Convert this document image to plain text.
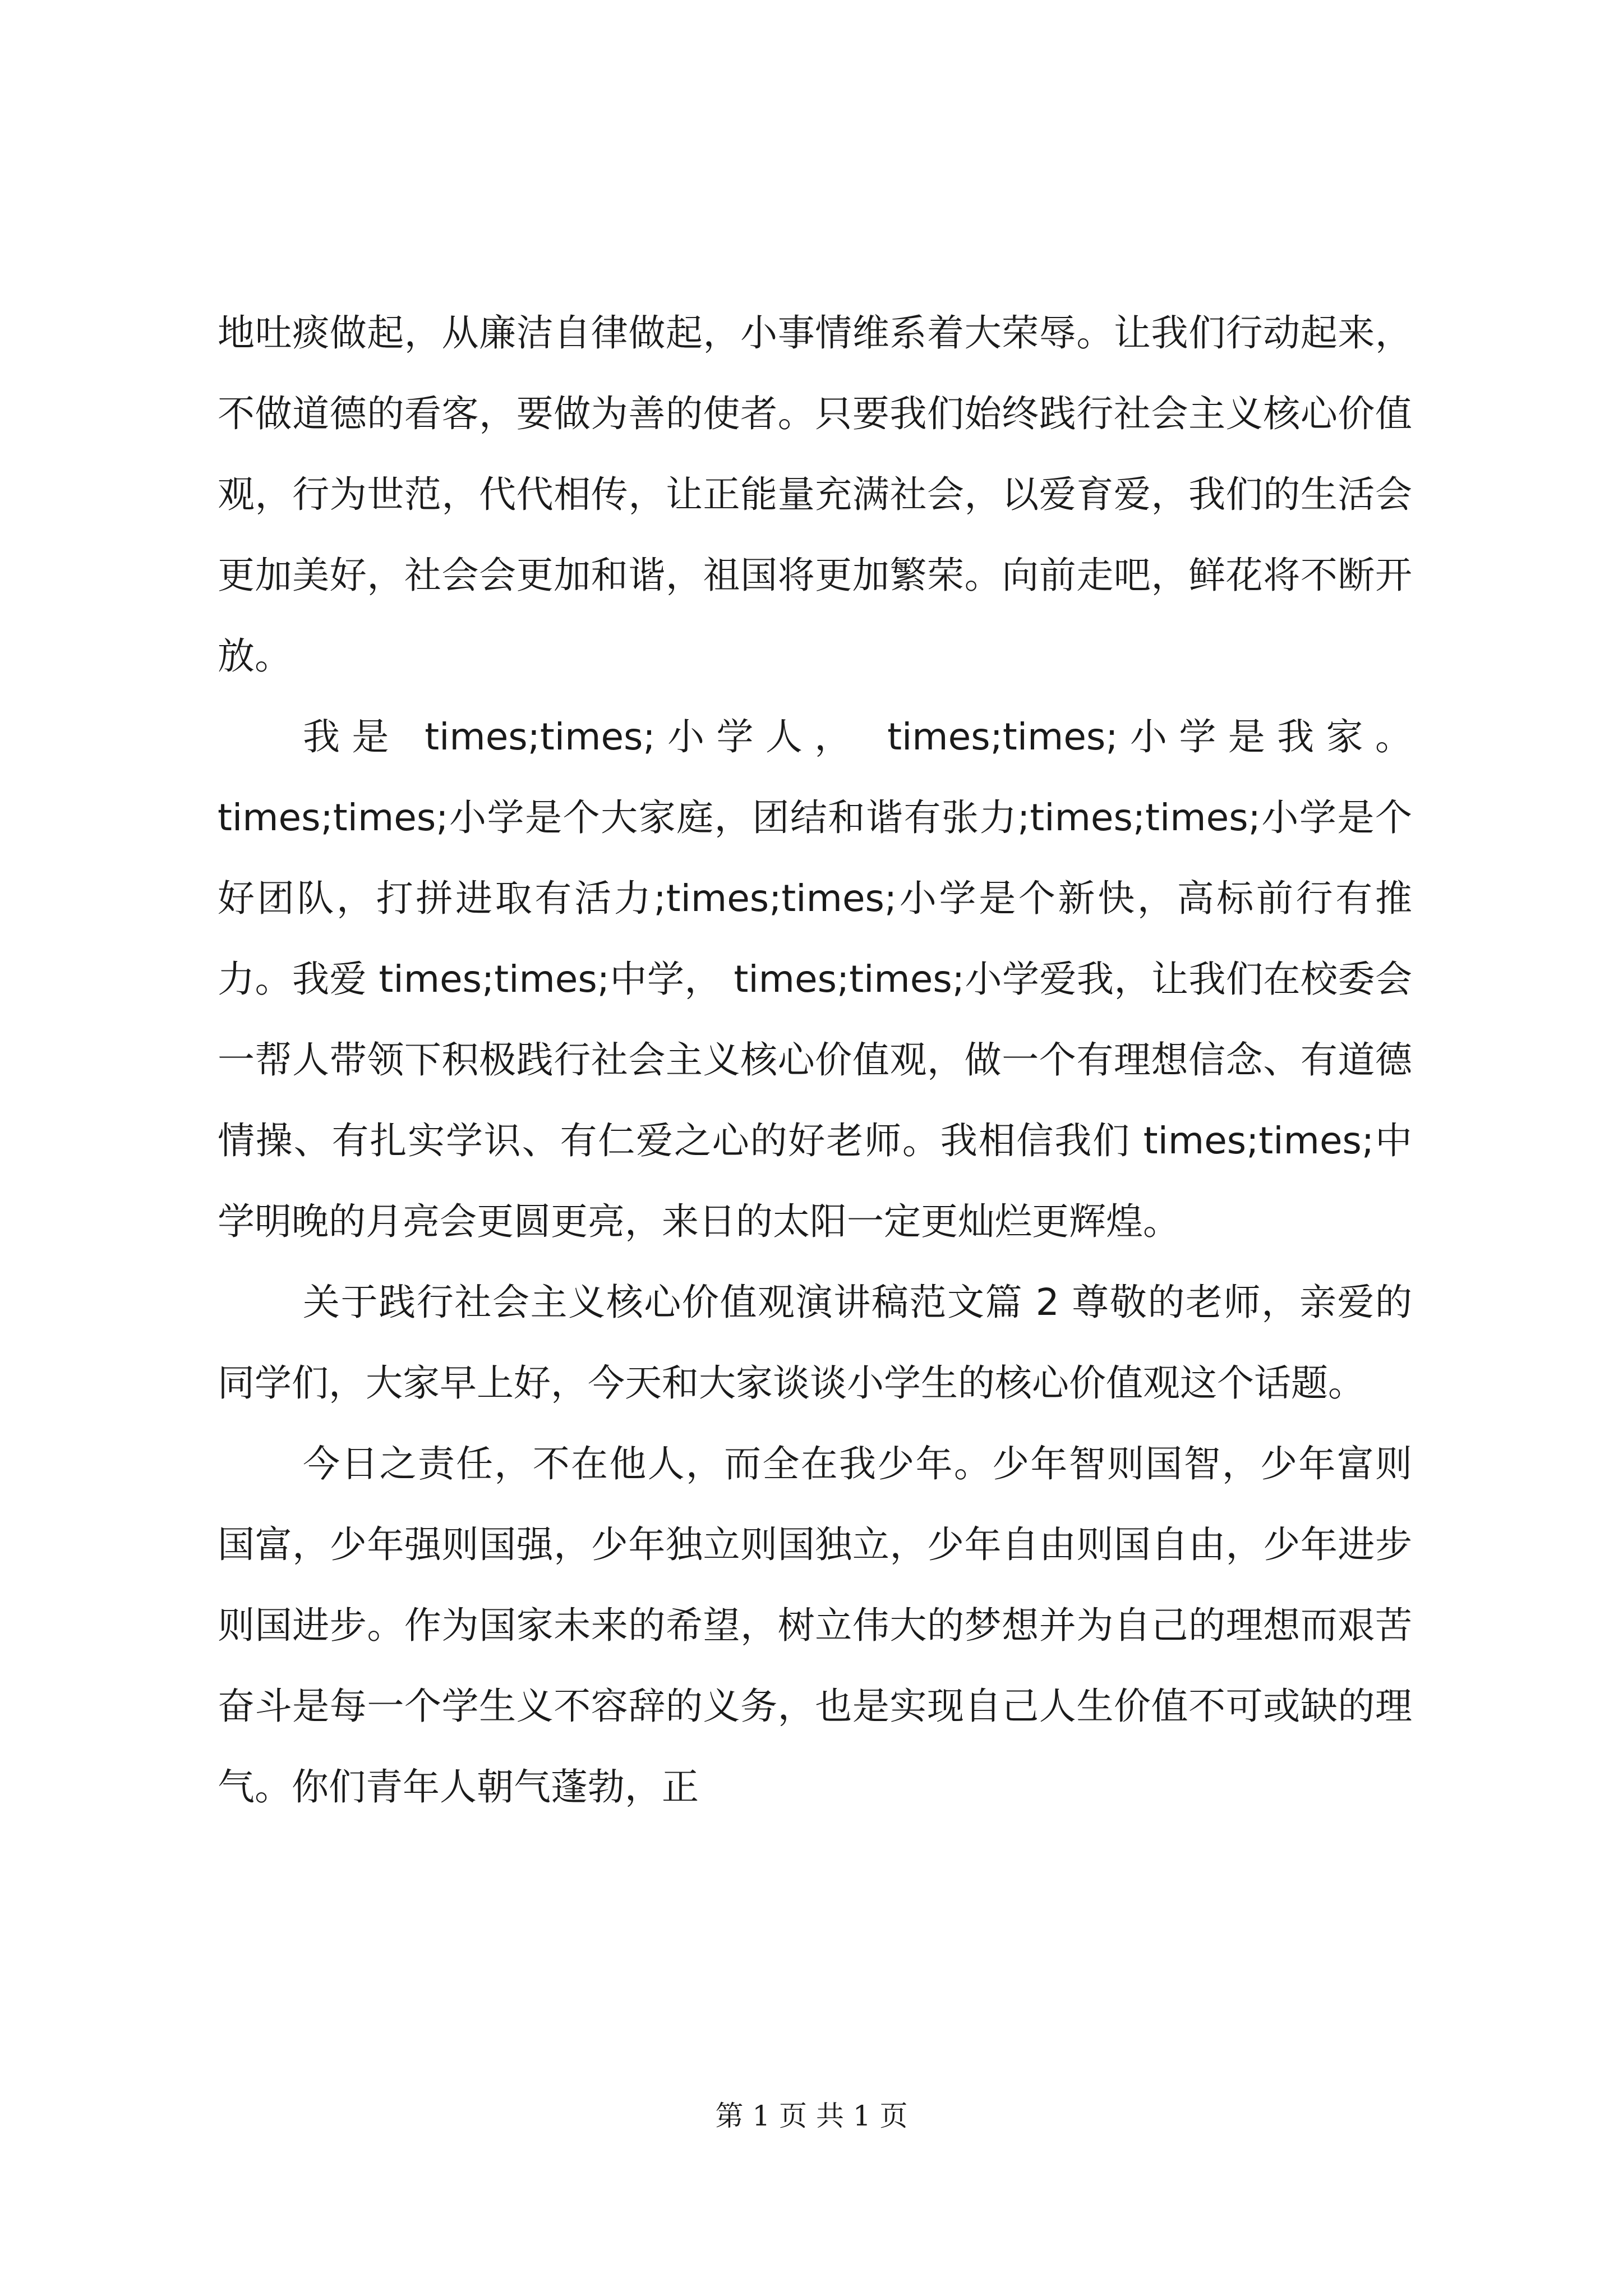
地吐痰做起，从廉洁自律做起，小事情维系着大荣辱。让我们行动起来，不做道德的看客，要做为善的使者。只要我们始终践行社会主义核心价值观，行为世范，代代相传，让正能量充满社会，以爱育爱，我们的生活会更加美好，社会会更加和谐，祖国将更加繁荣。向前走吧，鲜花将不断开放。

我是 times;times;小学人， times;times;小学是我家。times;times;小学是个大家庭，团结和谐有张力;times;times;小学是个好团队，打拼进取有活力;times;times;小学是个新快，高标前行有推力。我爱 times;times;中学， times;times;小学爱我，让我们在校委会一帮人带领下积极践行社会主义核心价值观，做一个有理想信念、有道德情操、有扎实学识、有仁爱之心的好老师。我相信我们 times;times;中学明晚的月亮会更圆更亮，来日的太阳一定更灿烂更辉煌。

关于践行社会主义核心价值观演讲稿范文篇 2 尊敬的老师，亲爱的同学们，大家早上好，今天和大家谈谈小学生的核心价值观这个话题。

今日之责任，不在他人，而全在我少年。少年智则国智，少年富则国富，少年强则国强，少年独立则国独立，少年自由则国自由，少年进步则国进步。作为国家未来的希望，树立伟大的梦想并为自己的理想而艰苦奋斗是每一个学生义不容辞的义务，也是实现自己人生价值不可或缺的理气。你们青年人朝气蓬勃，正

第 1 页 共 1 页
